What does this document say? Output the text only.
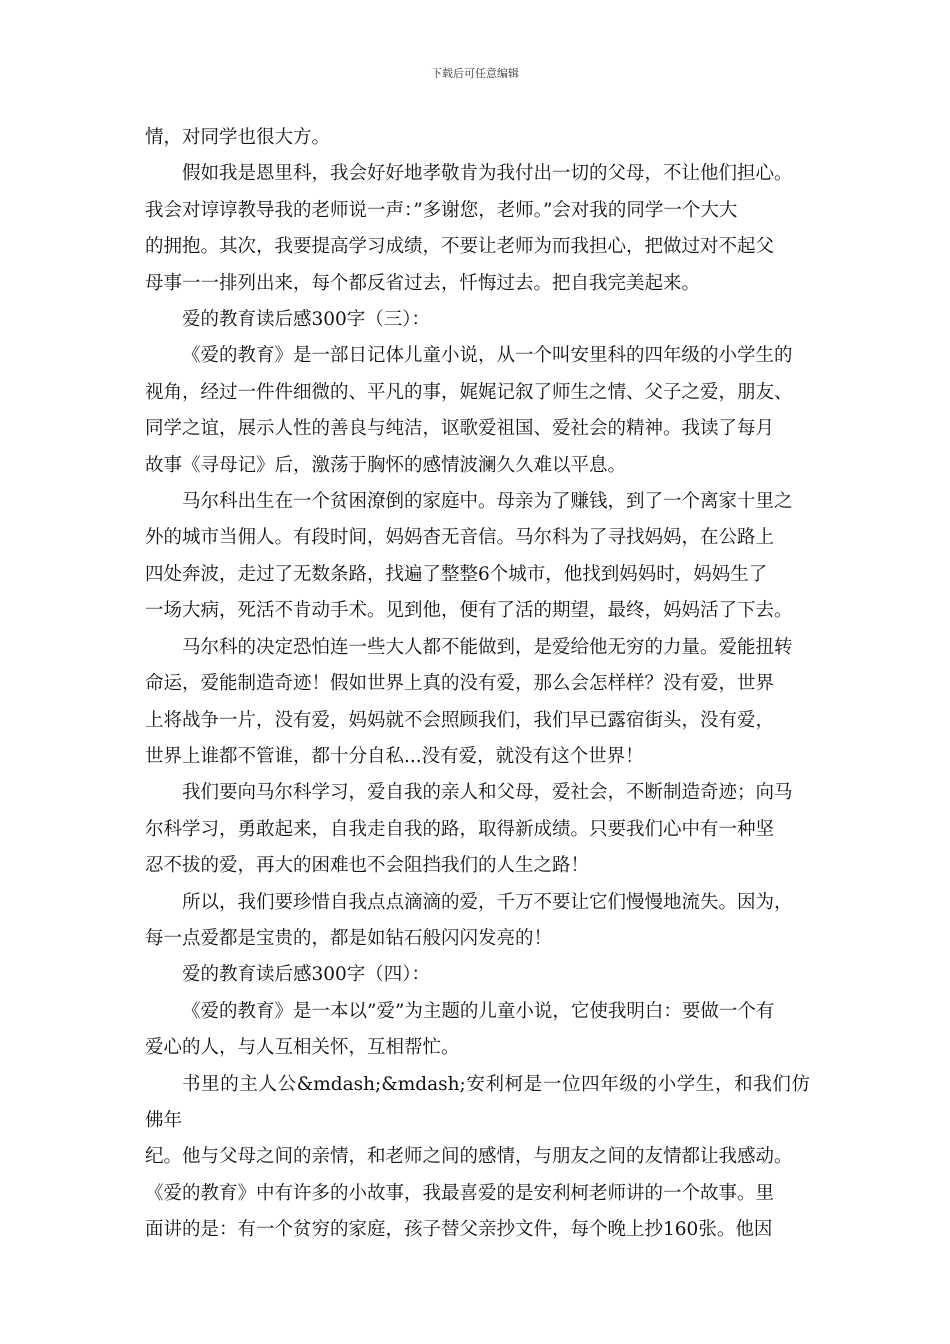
下载后可任意编辑

情，对同学也很大方。

假如我是恩里科，我会好好地孝敬肯为我付出一切的父母，不让他们担心。

我会对谆谆教导我的老师说一声：”多谢您，老师。”会对我的同学一个大大

的拥抱。其次，我要提高学习成绩，不要让老师为而我担心，把做过对不起父

母事一一排列出来，每个都反省过去，忏悔过去。把自我完美起来。

爱的教育读后感300字（三）：

《爱的教育》是一部日记体儿童小说，从一个叫安里科的四年级的小学生的

视角，经过一件件细微的、平凡的事，娓娓记叙了师生之情、父子之爱，朋友、

同学之谊，展示人性的善良与纯洁，讴歌爱祖国、爱社会的精神。我读了每月

故事《寻母记》后，激荡于胸怀的感情波澜久久难以平息。

马尔科出生在一个贫困潦倒的家庭中。母亲为了赚钱，到了一个离家十里之

外的城市当佣人。有段时间，妈妈杳无音信。马尔科为了寻找妈妈，在公路上

四处奔波，走过了无数条路，找遍了整整6个城市，他找到妈妈时，妈妈生了

一场大病，死活不肯动手术。见到他，便有了活的期望，最终，妈妈活了下去。

马尔科的决定恐怕连一些大人都不能做到，是爱给他无穷的力量。爱能扭转

命运，爱能制造奇迹！假如世界上真的没有爱，那么会怎样样？没有爱，世界

上将战争一片，没有爱，妈妈就不会照顾我们，我们早已露宿街头，没有爱，

世界上谁都不管谁，都十分自私...没有爱，就没有这个世界！

我们要向马尔科学习，爱自我的亲人和父母，爱社会，不断制造奇迹；向马

尔科学习，勇敢起来，自我走自我的路，取得新成绩。只要我们心中有一种坚

忍不拔的爱，再大的困难也不会阻挡我们的人生之路！

所以，我们要珍惜自我点点滴滴的爱，千万不要让它们慢慢地流失。因为，

每一点爱都是宝贵的，都是如钻石般闪闪发亮的！

爱的教育读后感300字（四）：

《爱的教育》是一本以”爱”为主题的儿童小说，它使我明白：要做一个有

爱心的人，与人互相关怀，互相帮忙。

书里的主人公&mdash;&mdash;安利柯是一位四年级的小学生，和我们仿佛年

纪。他与父母之间的亲情，和老师之间的感情，与朋友之间的友情都让我感动。

《爱的教育》中有许多的小故事，我最喜爱的是安利柯老师讲的一个故事。里

面讲的是：有一个贫穷的家庭，孩子替父亲抄文件，每个晚上抄160张。他因
